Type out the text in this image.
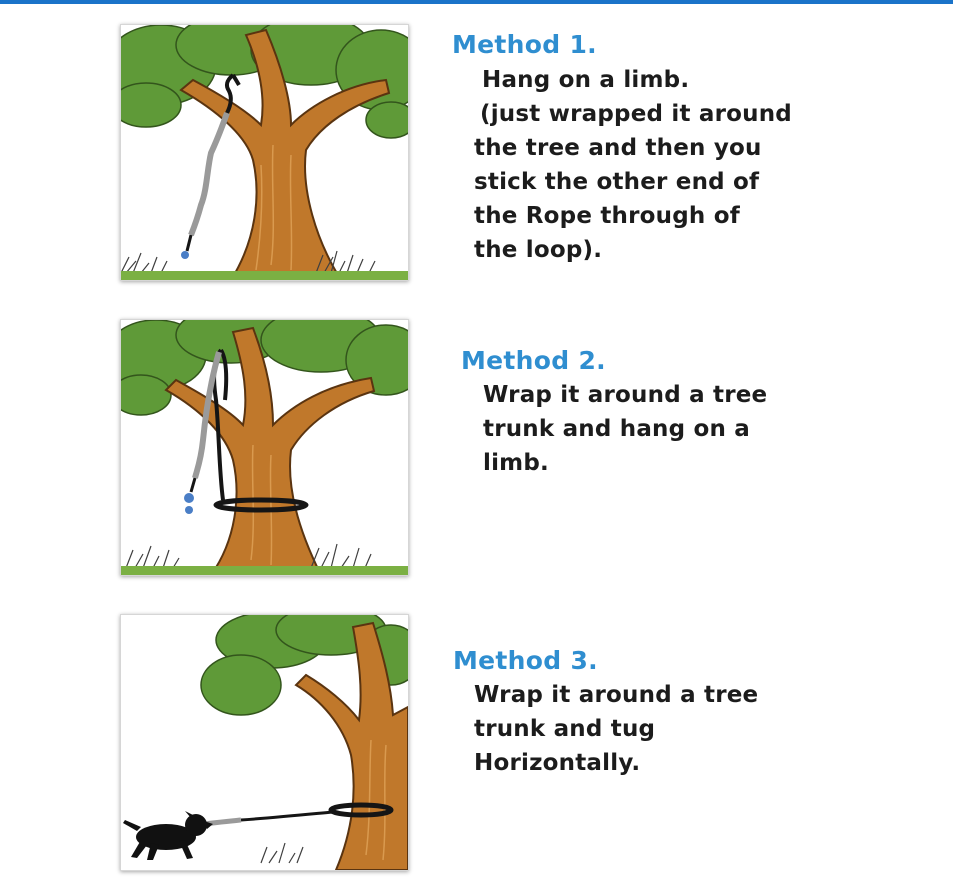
Method 1.
Hang on a limb.
(just wrapped it around
the tree and then you
stick the other end of
the Rope through of
the loop).
Method 2.
Wrap it around a tree
trunk and hang on a
limb.
Method 3.
Wrap it around a tree
trunk and tug
Horizontally.
